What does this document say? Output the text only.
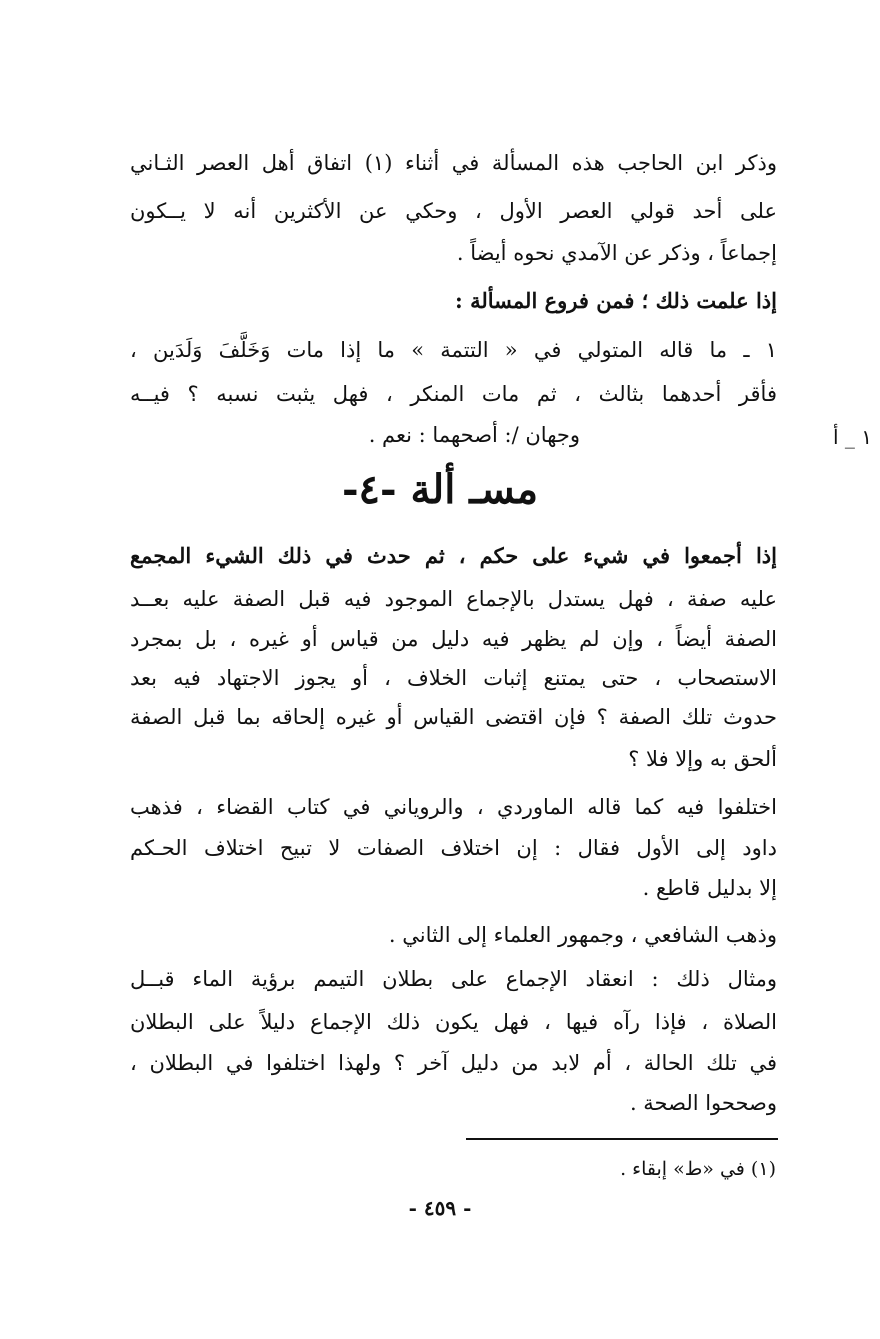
وذكر ابن الحاجب هذه المسألة في أثناء (١) اتفاق أهل العصر الثـاني
على أحد قولي العصر الأول ، وحكي عن الأكثرين أنه لا يــكون
إجماعاً ، وذكر عن الآمدي نحوه أيضاً .
إذا علمت ذلك ؛ فمن فروع المسألة :
١ ـ ما قاله المتولي في « التتمة » ما إذا مات وَخَلَّفَ وَلَدَين ،
فأقر أحدهما بثالث ، ثم مات المنكر ، فهل يثبت نسبه ؟ فيــه
وجهان /: أصحهما : نعم .	١ _ أ
مسـ ألة -٤-
إذا أجمعوا في شيء على حكم ، ثم حدث في ذلك الشيء المجمع
عليه صفة ، فهل يستدل بالإجماع الموجود فيه قبل الصفة عليه بعــد
الصفة أيضاً ، وإن لم يظهر فيه دليل من قياس أو غيره ، بل بمجرد
الاستصحاب ، حتى يمتنع إثبات الخلاف ، أو يجوز الاجتهاد فيه بعد
حدوث تلك الصفة ؟ فإن اقتضى القياس أو غيره إلحاقه بما قبل الصفة
ألحق به وإلا فلا ؟
اختلفوا فيه كما قاله الماوردي ، والروياني في كتاب القضاء ، فذهب
داود إلى الأول فقال : إن اختلاف الصفات لا تبيح اختلاف الحـكم
إلا بدليل قاطع .
وذهب الشافعي ، وجمهور العلماء إلى الثاني .
ومثال ذلك : انعقاد الإجماع على بطلان التيمم برؤية الماء قبــل
الصلاة ، فإذا رآه فيها ، فهل يكون ذلك الإجماع دليلاً على البطلان
في تلك الحالة ، أم لابد من دليل آخر ؟ ولهذا اختلفوا في البطلان ،
وصححوا الصحة .
(١) في «ط» إبقاء .
- ٤٥٩ -
